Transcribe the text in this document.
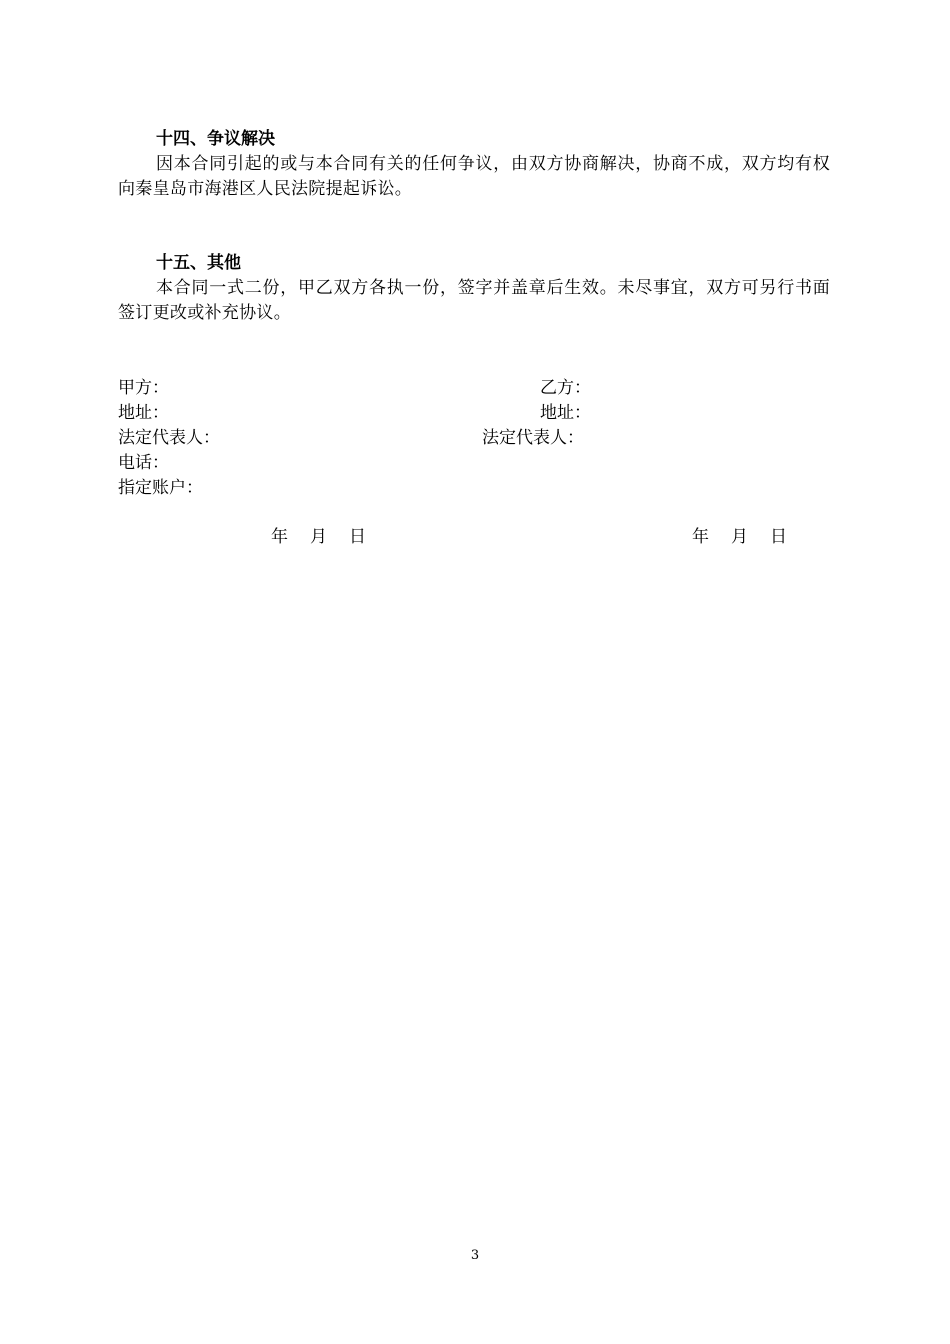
十四、争议解决

因本合同引起的或与本合同有关的任何争议，由双方协商解决，协商不成，双方均有权向秦皇岛市海港区人民法院提起诉讼。

十五、其他

本合同一式二份，甲乙双方各执一份，签字并盖章后生效。未尽事宜，双方可另行书面签订更改或补充协议。

甲方：
地址：
法定代表人：
电话：
指定账户：
乙方：
地址：
法定代表人：
年 月 日	年 月 日
3
